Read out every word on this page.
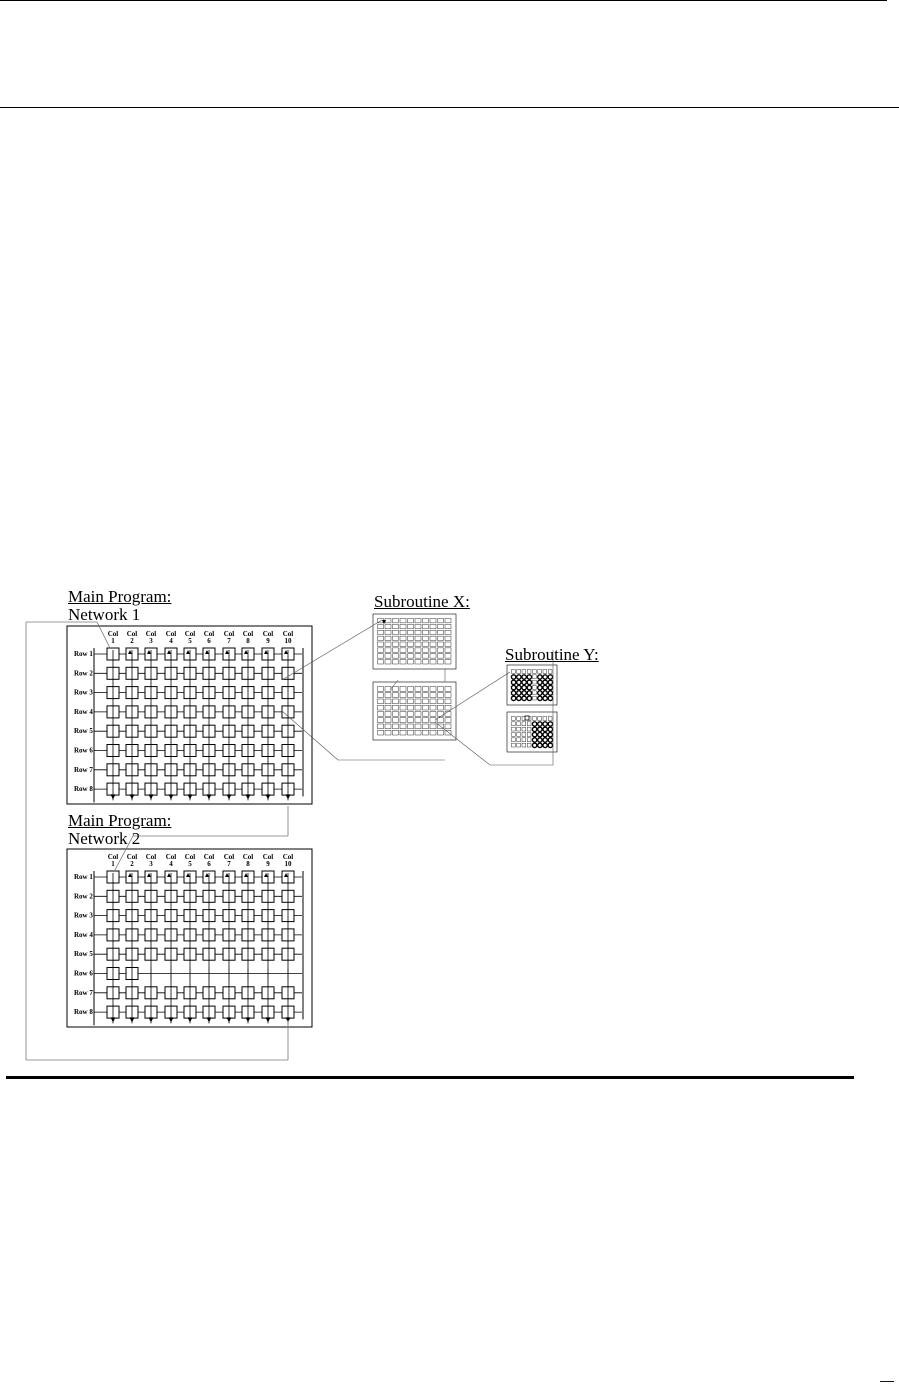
Main Program:
Network 1
Main Program:
Network 2
Subroutine X:
Subroutine Y:
—
Col
1
Col
2
Col
3
Col
4
Col
5
Col
6
Col
7
Col
8
Col
9
Col
10
Row 1
Row 2
Row 3
Row 4
Row 5
Row 6
Row 7
Row 8
Col
1
Col
2
Col
3
Col
4
Col
5
Col
6
Col
7
Col
8
Col
9
Col
10
Row 1
Row 2
Row 3
Row 4
Row 5
Row 6
Row 7
Row 8
